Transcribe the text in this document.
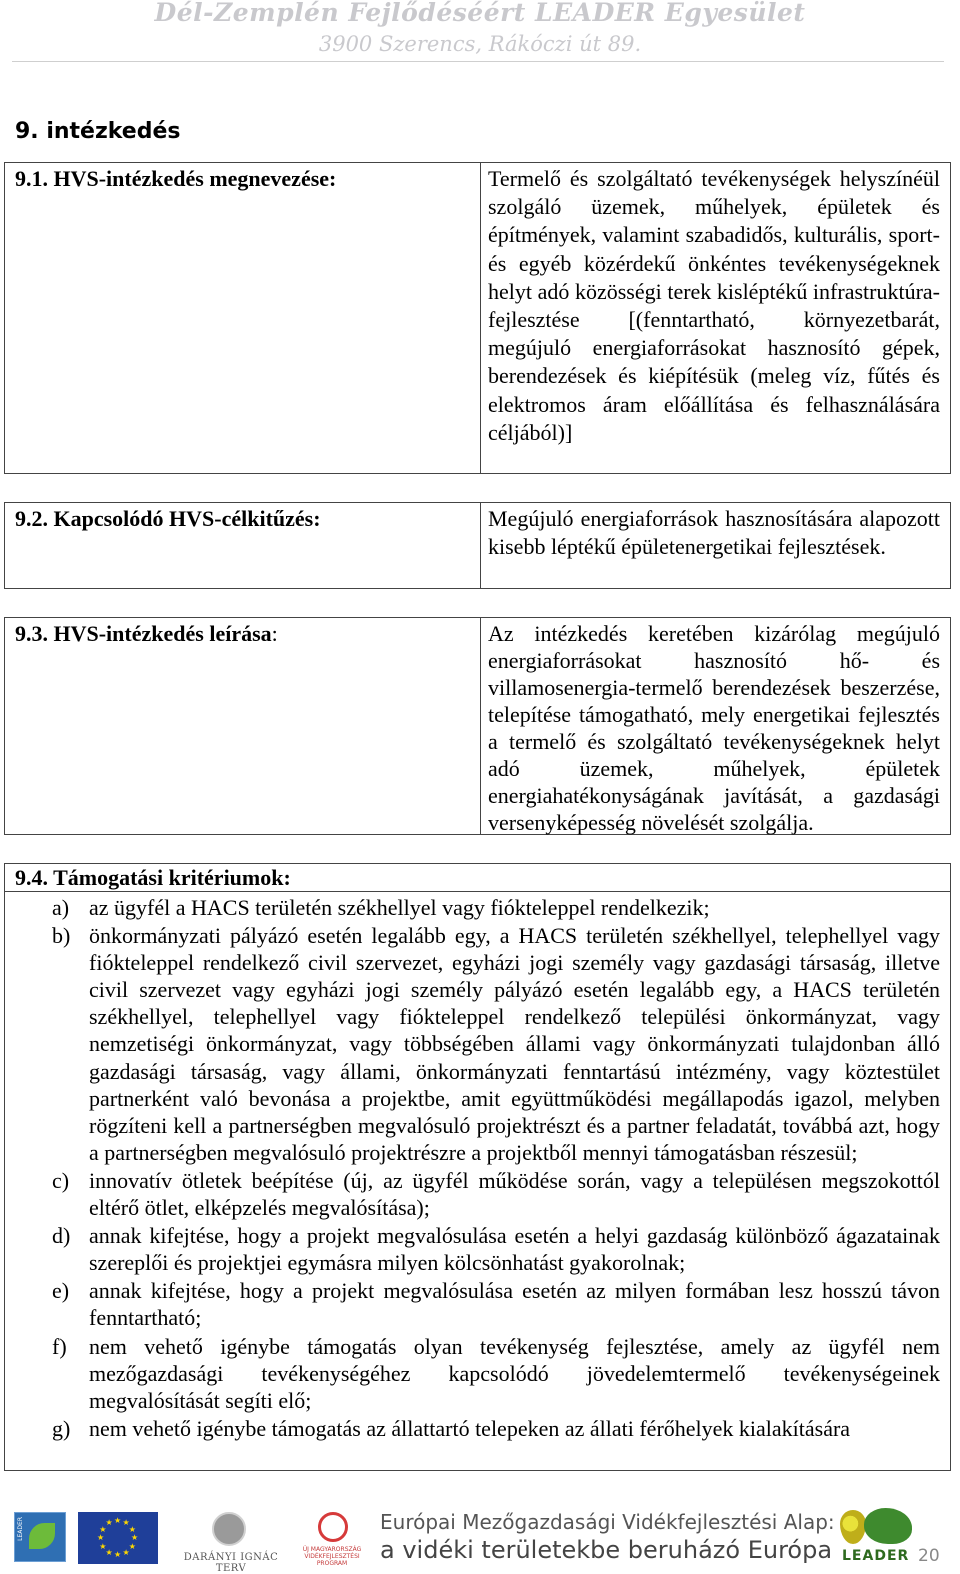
Dél-Zemplén Fejlődéséért LEADER Egyesület
3900 Szerencs, Rákóczi út 89.
9. intézkedés
9.1. HVS-intézkedés megnevezése:	Termelő és szolgáltató tevékenységek helyszínéül szolgáló üzemek, műhelyek, épületek és építmények, valamint szabadidős, kulturális, sport- és egyéb közérdekű önkéntes tevékenységeknek helyt adó közösségi terek kisléptékű infrastruktúra-fejlesztése [(fenntartható, környezetbarát, megújuló energiaforrásokat hasznosító gépek, berendezések és kiépítésük (meleg víz, fűtés és elektromos áram előállítása és felhasználására céljából)]
9.2. Kapcsolódó HVS-célkitűzés:	Megújuló energiaforrások hasznosítására alapozott kisebb léptékű épületenergetikai fejlesztések.
9.3. HVS-intézkedés leírása:	Az intézkedés keretében kizárólag megújuló energiaforrásokat hasznosító hő- és villamosenergia-termelő berendezések beszerzése, telepítése támogatható, mely energetikai fejlesztés a termelő és szolgáltató tevékenységeknek helyt adó üzemek, műhelyek, épületek energiahatékonyságának javítását, a gazdasági versenyképesség növelését szolgálja.
9.4. Támogatási kritériumok:
a) az ügyfél a HACS területén székhellyel vagy fiókteleppel rendelkezik;
b) önkormányzati pályázó esetén legalább egy, a HACS területén székhellyel, telephellyel vagy fiókteleppel rendelkező civil szervezet, egyházi jogi személy vagy gazdasági társaság, illetve civil szervezet vagy egyházi jogi személy pályázó esetén legalább egy, a HACS területén székhellyel, telephellyel vagy fiókteleppel rendelkező települési önkormányzat, vagy nemzetiségi önkormányzat, vagy többségében állami vagy önkormányzati tulajdonban álló gazdasági társaság, vagy állami, önkormányzati fenntartású intézmény, vagy köztestület partnerként való bevonása a projektbe, amit együttműködési megállapodás igazol, melyben rögzíteni kell a partnerségben megvalósuló projektrészt és a partner feladatát, továbbá azt, hogy a partnerségben megvalósuló projektrészre a projektből mennyi támogatásban részesül;
c) innovatív ötletek beépítése (új, az ügyfél működése során, vagy a településen megszokottól eltérő ötlet, elképzelés megvalósítása);
d) annak kifejtése, hogy a projekt megvalósulása esetén a helyi gazdaság különböző ágazatainak szereplői és projektjei egymásra milyen kölcsönhatást gyakorolnak;
e) annak kifejtése, hogy a projekt megvalósulása esetén az milyen formában lesz hosszú távon fenntartható;
f) nem vehető igénybe támogatás olyan tevékenység fejlesztése, amely az ügyfél nem mezőgazdasági tevékenységéhez kapcsolódó jövedelemtermelő tevékenységeinek megvalósítását segíti elő;
g) nem vehető igénybe támogatás az állattartó telepeken az állati férőhelyek kialakítására
LEADER	★ ★
★
★
★
★
★
★
★
★
★
★
DARÁNYI IGNÁC TERV
ÚJ MAGYARORSZÁG VIDÉKFEJLESZTÉSI PROGRAM
Európai Mezőgazdasági Vidékfejlesztési Alap:
a vidéki területekbe beruházó Európa LEADER 20
